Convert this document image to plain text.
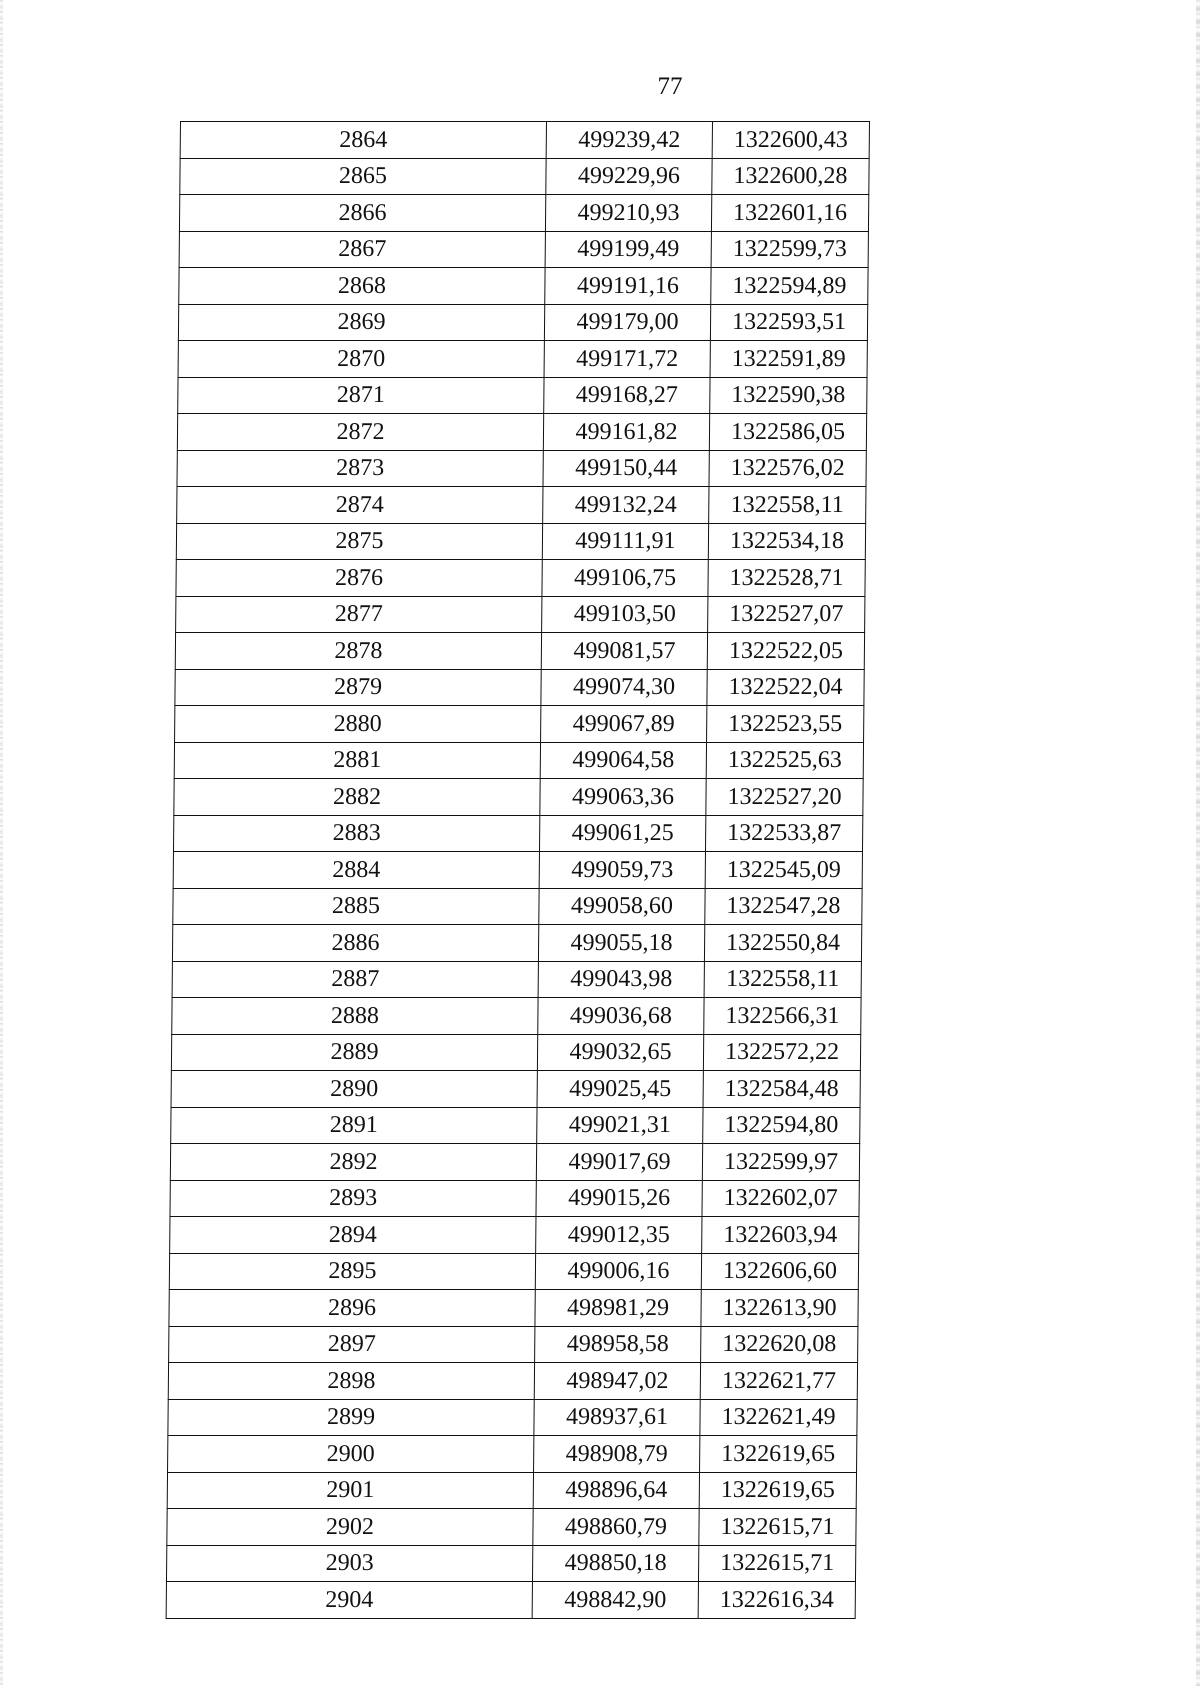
77
2864	499239,42	1322600,43
2865	499229,96	1322600,28
2866	499210,93	1322601,16
2867	499199,49	1322599,73
2868	499191,16	1322594,89
2869	499179,00	1322593,51
2870	499171,72	1322591,89
2871	499168,27	1322590,38
2872	499161,82	1322586,05
2873	499150,44	1322576,02
2874	499132,24	1322558,11
2875	499111,91	1322534,18
2876	499106,75	1322528,71
2877	499103,50	1322527,07
2878	499081,57	1322522,05
2879	499074,30	1322522,04
2880	499067,89	1322523,55
2881	499064,58	1322525,63
2882	499063,36	1322527,20
2883	499061,25	1322533,87
2884	499059,73	1322545,09
2885	499058,60	1322547,28
2886	499055,18	1322550,84
2887	499043,98	1322558,11
2888	499036,68	1322566,31
2889	499032,65	1322572,22
2890	499025,45	1322584,48
2891	499021,31	1322594,80
2892	499017,69	1322599,97
2893	499015,26	1322602,07
2894	499012,35	1322603,94
2895	499006,16	1322606,60
2896	498981,29	1322613,90
2897	498958,58	1322620,08
2898	498947,02	1322621,77
2899	498937,61	1322621,49
2900	498908,79	1322619,65
2901	498896,64	1322619,65
2902	498860,79	1322615,71
2903	498850,18	1322615,71
2904	498842,90	1322616,34
